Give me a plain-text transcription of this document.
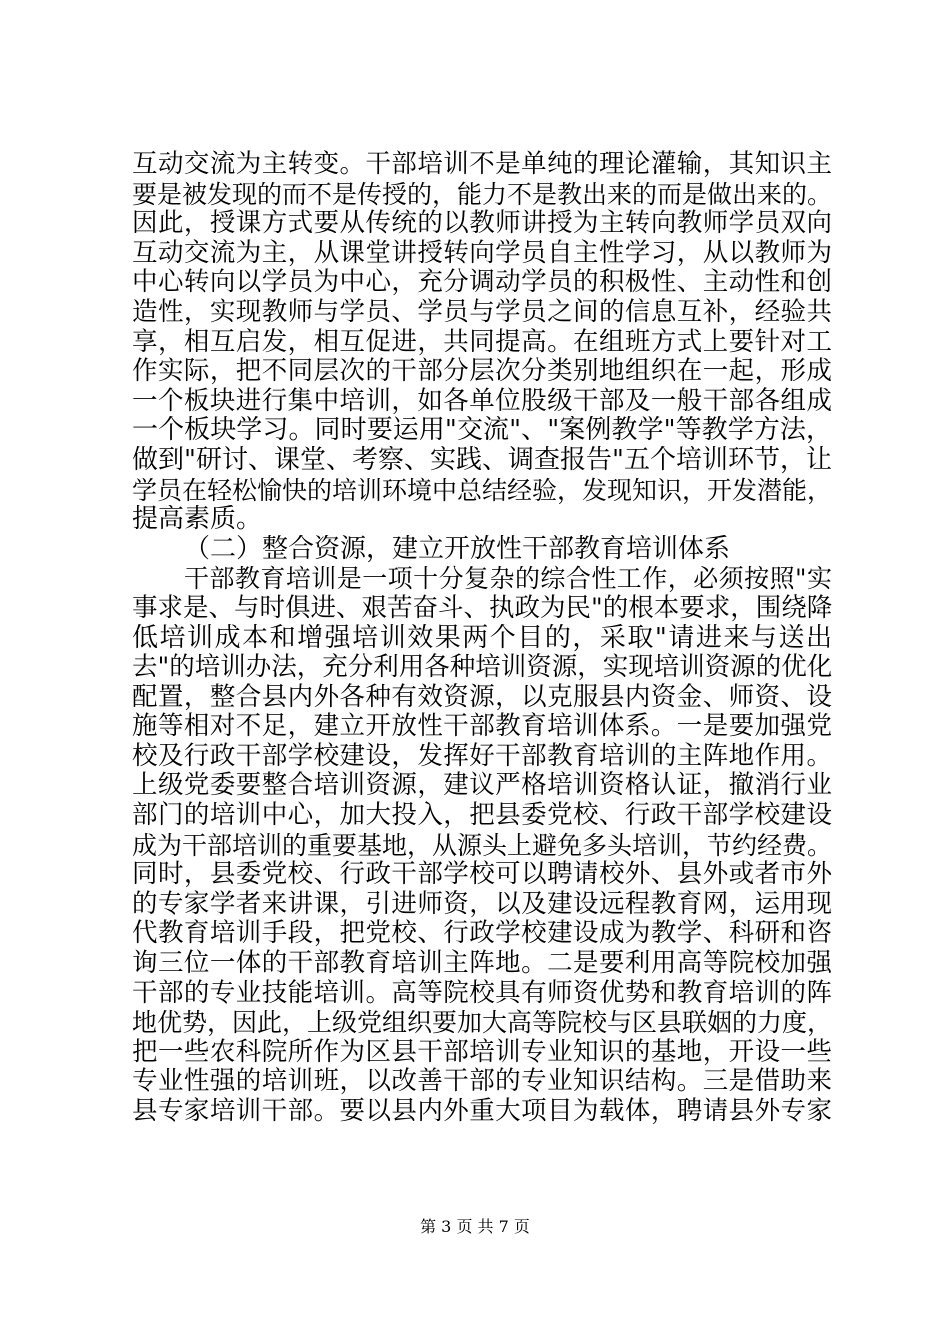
互动交流为主转变。干部培训不是单纯的理论灌输，其知识主
要是被发现的而不是传授的，能力不是教出来的而是做出来的。
因此，授课方式要从传统的以教师讲授为主转向教师学员双向
互动交流为主，从课堂讲授转向学员自主性学习，从以教师为
中心转向以学员为中心，充分调动学员的积极性、主动性和创
造性，实现教师与学员、学员与学员之间的信息互补，经验共
享，相互启发，相互促进，共同提高。在组班方式上要针对工
作实际，把不同层次的干部分层次分类别地组织在一起，形成
一个板块进行集中培训，如各单位股级干部及一般干部各组成
一个板块学习。同时要运用"交流"、"案例教学"等教学方法，
做到"研讨、课堂、考察、实践、调查报告"五个培训环节，让
学员在轻松愉快的培训环境中总结经验，发现知识，开发潜能，
提高素质。
（二）整合资源，建立开放性干部教育培训体系
干部教育培训是一项十分复杂的综合性工作，必须按照"实
事求是、与时俱进、艰苦奋斗、执政为民"的根本要求，围绕降
低培训成本和增强培训效果两个目的，采取"请进来与送出
去"的培训办法，充分利用各种培训资源，实现培训资源的优化
配置，整合县内外各种有效资源，以克服县内资金、师资、设
施等相对不足，建立开放性干部教育培训体系。一是要加强党
校及行政干部学校建设，发挥好干部教育培训的主阵地作用。
上级党委要整合培训资源，建议严格培训资格认证，撤消行业
部门的培训中心，加大投入，把县委党校、行政干部学校建设
成为干部培训的重要基地，从源头上避免多头培训，节约经费。
同时，县委党校、行政干部学校可以聘请校外、县外或者市外
的专家学者来讲课，引进师资，以及建设远程教育网，运用现
代教育培训手段，把党校、行政学校建设成为教学、科研和咨
询三位一体的干部教育培训主阵地。二是要利用高等院校加强
干部的专业技能培训。高等院校具有师资优势和教育培训的阵
地优势，因此，上级党组织要加大高等院校与区县联姻的力度，
把一些农科院所作为区县干部培训专业知识的基地，开设一些
专业性强的培训班，以改善干部的专业知识结构。三是借助来
县专家培训干部。要以县内外重大项目为载体，聘请县外专家
第 3 页 共 7 页
